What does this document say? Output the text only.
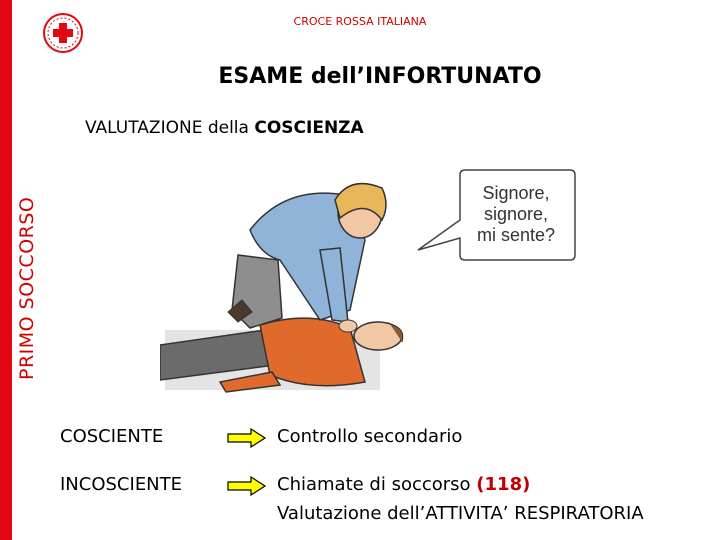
CROCE ROSSA ITALIANA
ESAME dell’INFORTUNATO
VALUTAZIONE della COSCIENZA
PRIMO SOCCORSO
Signore,
signore,
mi sente?
COSCIENTE	Controllo secondario
INCOSCIENTE	Chiamate di soccorso (118)
Valutazione dell’ATTIVITA’ RESPIRATORIA
